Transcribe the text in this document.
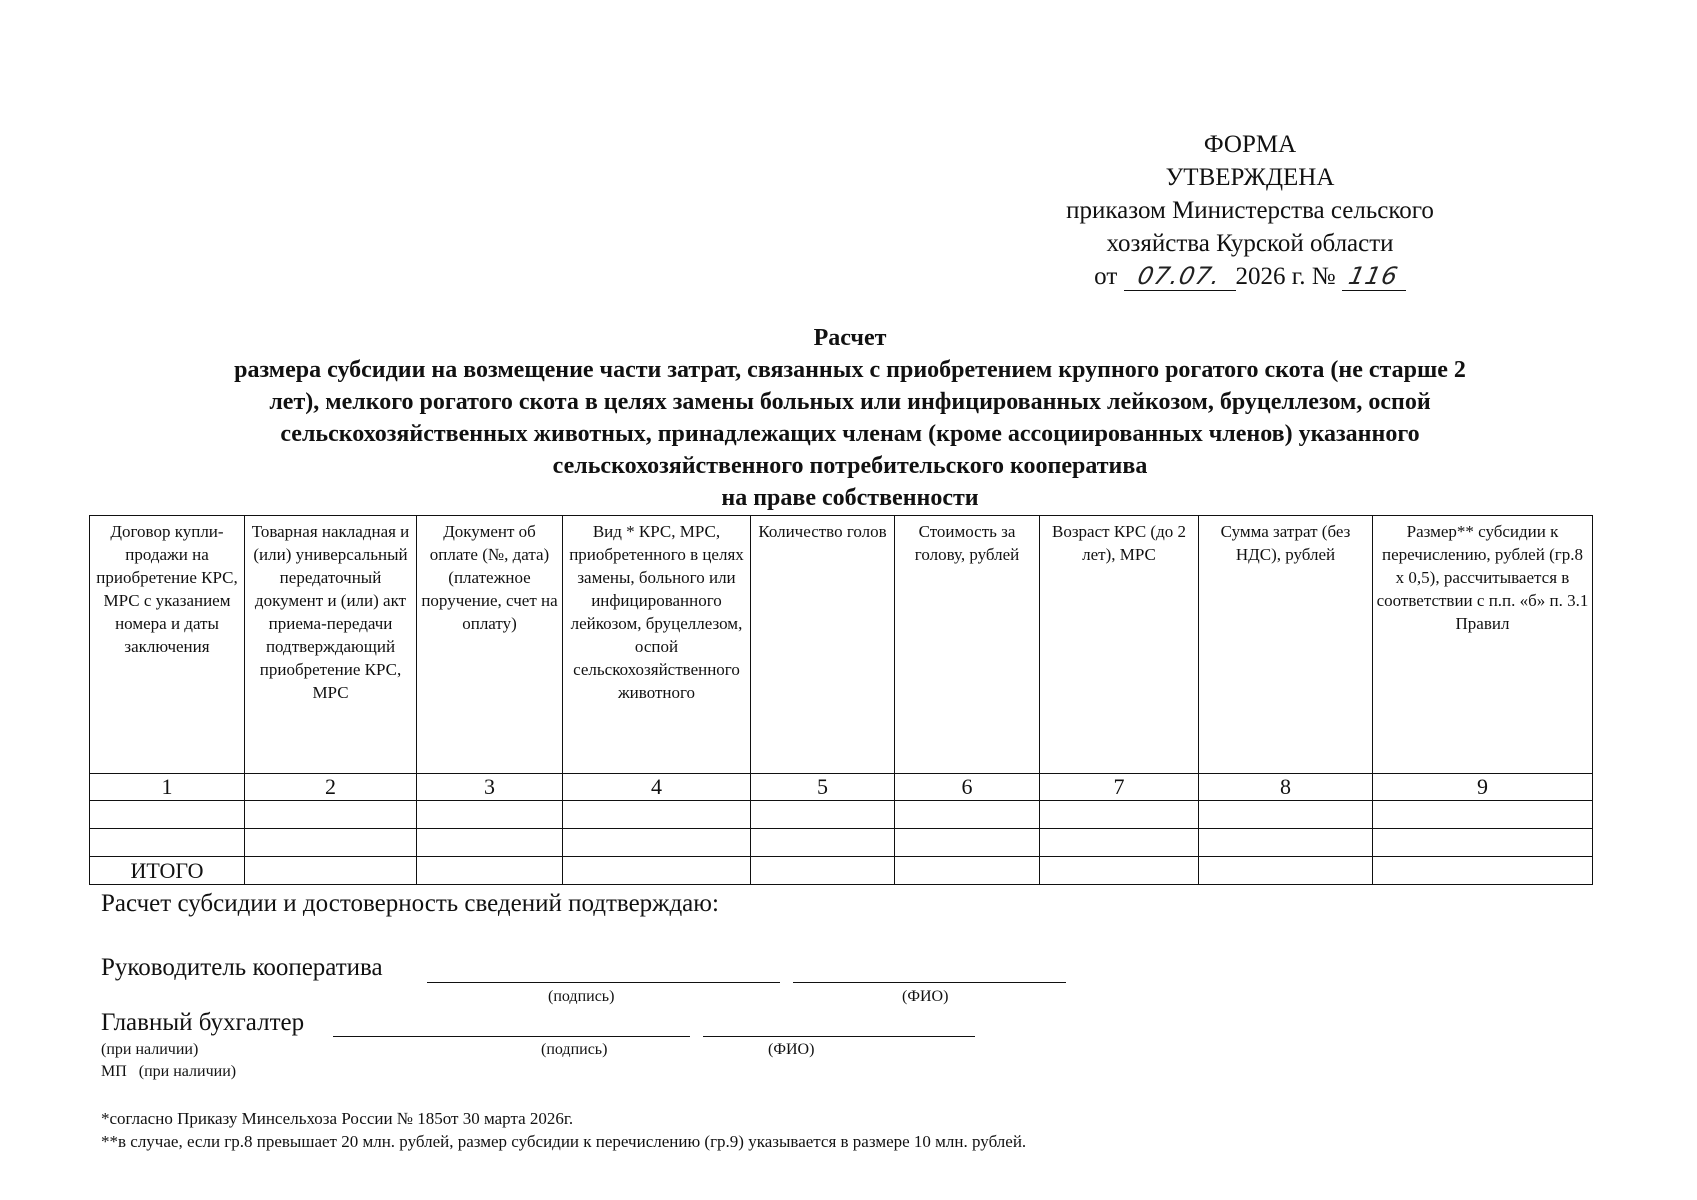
ФОРМА
УТВЕРЖДЕНА
приказом Министерства сельского
хозяйства Курской области
от 07.07. 2026 г. № 116
Расчет
размера субсидии на возмещение части затрат, связанных с приобретением крупного рогатого скота (не старше 2
лет), мелкого рогатого скота в целях замены больных или инфицированных лейкозом, бруцеллезом, оспой
сельскохозяйственных животных, принадлежащих членам (кроме ассоциированных членов) указанного
сельскохозяйственного потребительского кооператива
на праве собственности
Договор купли-продажи на приобретение КРС, МРС с указанием номера и даты заключения	Товарная накладная и (или) универсальный передаточный документ и (или) акт приема-передачи подтверждающий приобретение КРС, МРС	Документ об оплате (№, дата) (платежное поручение, счет на оплату)	Вид * КРС, МРС, приобретенного в целях замены, больного или инфицированного лейкозом, бруцеллезом, оспой сельскохозяйственного животного	Количество голов	Стоимость за голову, рублей	Возраст КРС (до 2 лет), МРС	Сумма затрат (без НДС), рублей	Размер** субсидии к перечислению, рублей (гр.8 х 0,5), рассчитывается в соответствии с п.п. «б» п. 3.1 Правил
1	2	3	4	5	6	7	8	9

ИТОГО								
Расчет субсидии и достоверность сведений подтверждаю:
Руководитель кооператива
(подпись)	(ФИО)
Главный бухгалтер
(при наличии)	(подпись)	(ФИО)
МП   (при наличии)
*согласно Приказу Минсельхоза России № 185от 30 марта 2026г.
**в случае, если гр.8 превышает 20 млн. рублей, размер субсидии к перечислению (гр.9) указывается в размере 10 млн. рублей.
